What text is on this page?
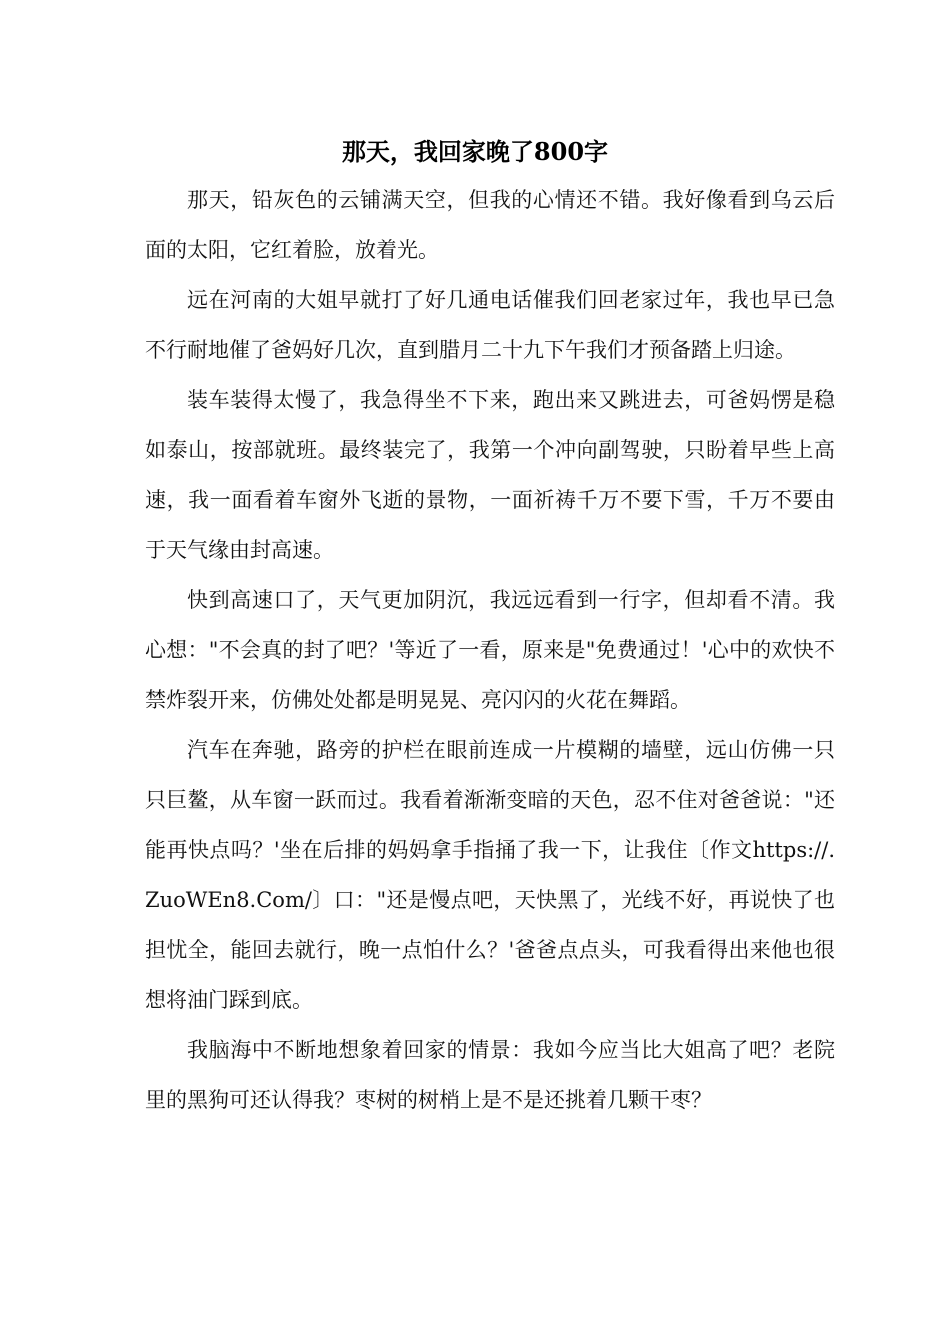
那天，我回家晚了800字

那天，铅灰色的云铺满天空，但我的心情还不错。我好像看到乌云后面的太阳，它红着脸，放着光。

远在河南的大姐早就打了好几通电话催我们回老家过年，我也早已急不行耐地催了爸妈好几次，直到腊月二十九下午我们才预备踏上归途。

装车装得太慢了，我急得坐不下来，跑出来又跳进去，可爸妈愣是稳如泰山，按部就班。最终装完了，我第一个冲向副驾驶，只盼着早些上高速，我一面看着车窗外飞逝的景物，一面祈祷千万不要下雪，千万不要由于天气缘由封高速。

快到高速口了，天气更加阴沉，我远远看到一行字，但却看不清。我心想："不会真的封了吧？'等近了一看，原来是"免费通过！'心中的欢快不禁炸裂开来，仿佛处处都是明晃晃、亮闪闪的火花在舞蹈。

汽车在奔驰，路旁的护栏在眼前连成一片模糊的墙壁，远山仿佛一只只巨鳌，从车窗一跃而过。我看着渐渐变暗的天色，忍不住对爸爸说："还能再快点吗？'坐在后排的妈妈拿手指捅了我一下，让我住〔作文https://.ZuoWEn8.Com/〕口："还是慢点吧，天快黑了，光线不好，再说快了也担忧全，能回去就行，晚一点怕什么？'爸爸点点头，可我看得出来他也很想将油门踩到底。

我脑海中不断地想象着回家的情景：我如今应当比大姐高了吧？老院里的黑狗可还认得我？枣树的树梢上是不是还挑着几颗干枣？
